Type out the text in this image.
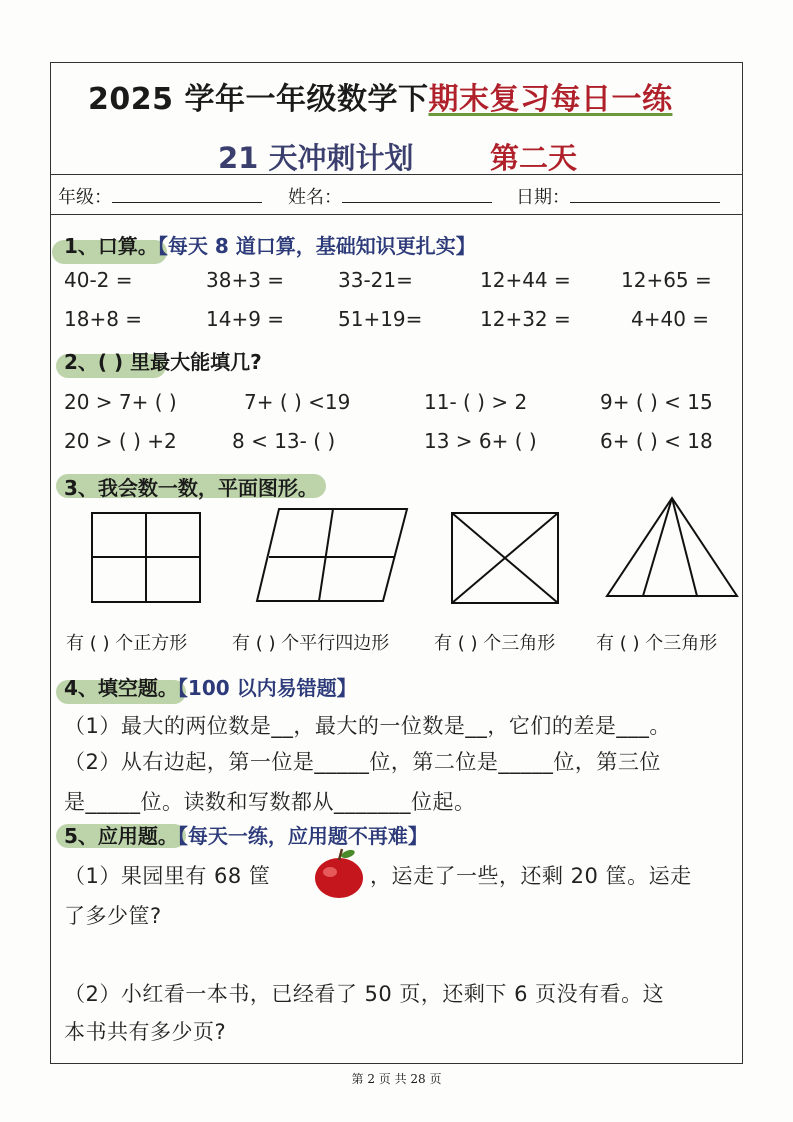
2025 学年一年级数学下期末复习每日一练
21 天冲刺计划	第二天
年级：	姓名：	日期：
1、口算。【每天 8 道口算，基础知识更扎实】
40-2 =	38+3 =	33-21=	12+44 =	12+65 =
18+8 =	14+9 =	51+19=	12+32 =	4+40 =
2、( ) 里最大能填几?
20 > 7+ ( )	7+ ( ) <19	11- ( ) > 2	9+ ( ) < 15
20 > ( ) +2	8 < 13- ( )	13 > 6+ ( )	6+ ( ) < 18
3、我会数一数，平面图形。
有 ( ) 个正方形 有 ( ) 个平行四边形 有 ( ) 个三角形 有 ( ) 个三角形
4、填空题。【100 以内易错题】
（1）最大的两位数是__，最大的一位数是__，它们的差是___。
（2）从右边起，第一位是_____位，第二位是_____位，第三位
是_____位。读数和写数都从_______位起。
5、应用题。【每天一练，应用题不再难】
（1）果园里有 68 筐	，运走了一些，还剩 20 筐。运走
了多少筐?
（2）小红看一本书，已经看了 50 页，还剩下 6 页没有看。这
本书共有多少页?
第 2 页 共 28 页
